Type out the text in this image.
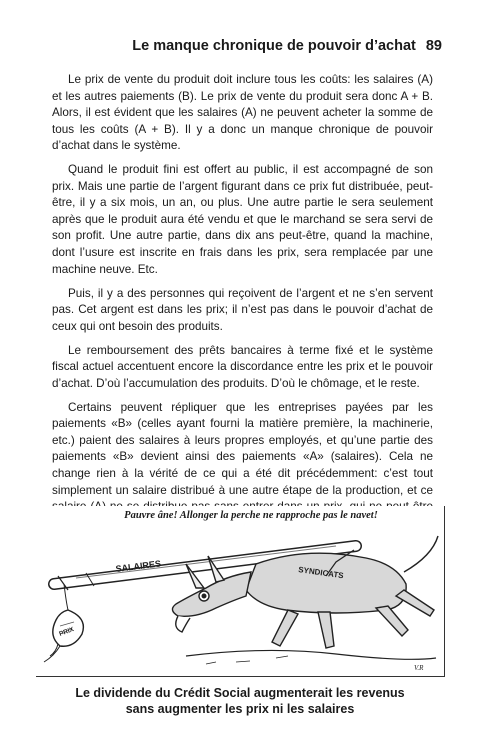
Le manque chronique de pouvoir d’achat 89

Le prix de vente du produit doit inclure tous les coûts: les salaires (A) et les autres paiements (B). Le prix de vente du produit sera donc A + B. Alors, il est évident que les salaires (A) ne peuvent acheter la somme de tous les coûts (A + B). Il y a donc un manque chronique de pouvoir d’achat dans le système.

Quand le produit fini est offert au public, il est accompagné de son prix. Mais une partie de l’argent figurant dans ce prix fut distribuée, peut-être, il y a six mois, un an, ou plus. Une autre partie le sera seulement après que le produit aura été vendu et que le marchand se sera servi de son profit. Une autre partie, dans dix ans peut-être, quand la machine, dont l’usure est inscrite en frais dans les prix, sera remplacée par une machine neuve. Etc.

Puis, il y a des personnes qui reçoivent de l’argent et ne s’en servent pas. Cet argent est dans les prix; il n’est pas dans le pouvoir d’achat de ceux qui ont besoin des produits.

Le remboursement des prêts bancaires à terme fixé et le système fiscal actuel accentuent encore la discordance entre les prix et le pouvoir d’achat. D’où l’accumulation des produits. D’où le chômage, et le reste.

Certains peuvent répliquer que les entreprises payées par les paiements «B» (celles ayant fourni la matière première, la machinerie, etc.) paient des salaires à leurs propres employés, et qu’une partie des paiements «B» devient ainsi des paiements «A» (salaires). Cela ne change rien à la vérité de ce qui a été dit précédemment: c’est tout simplement un salaire distribué à une autre étape de la production, et ce

Pauvre âne! Allonger la perche ne rapproche pas le navet!
SALAIRES
PRIX
SYNDICATS
V.R
Le dividende du Crédit Social augmenterait les revenus
sans augmenter les prix ni les salaires
